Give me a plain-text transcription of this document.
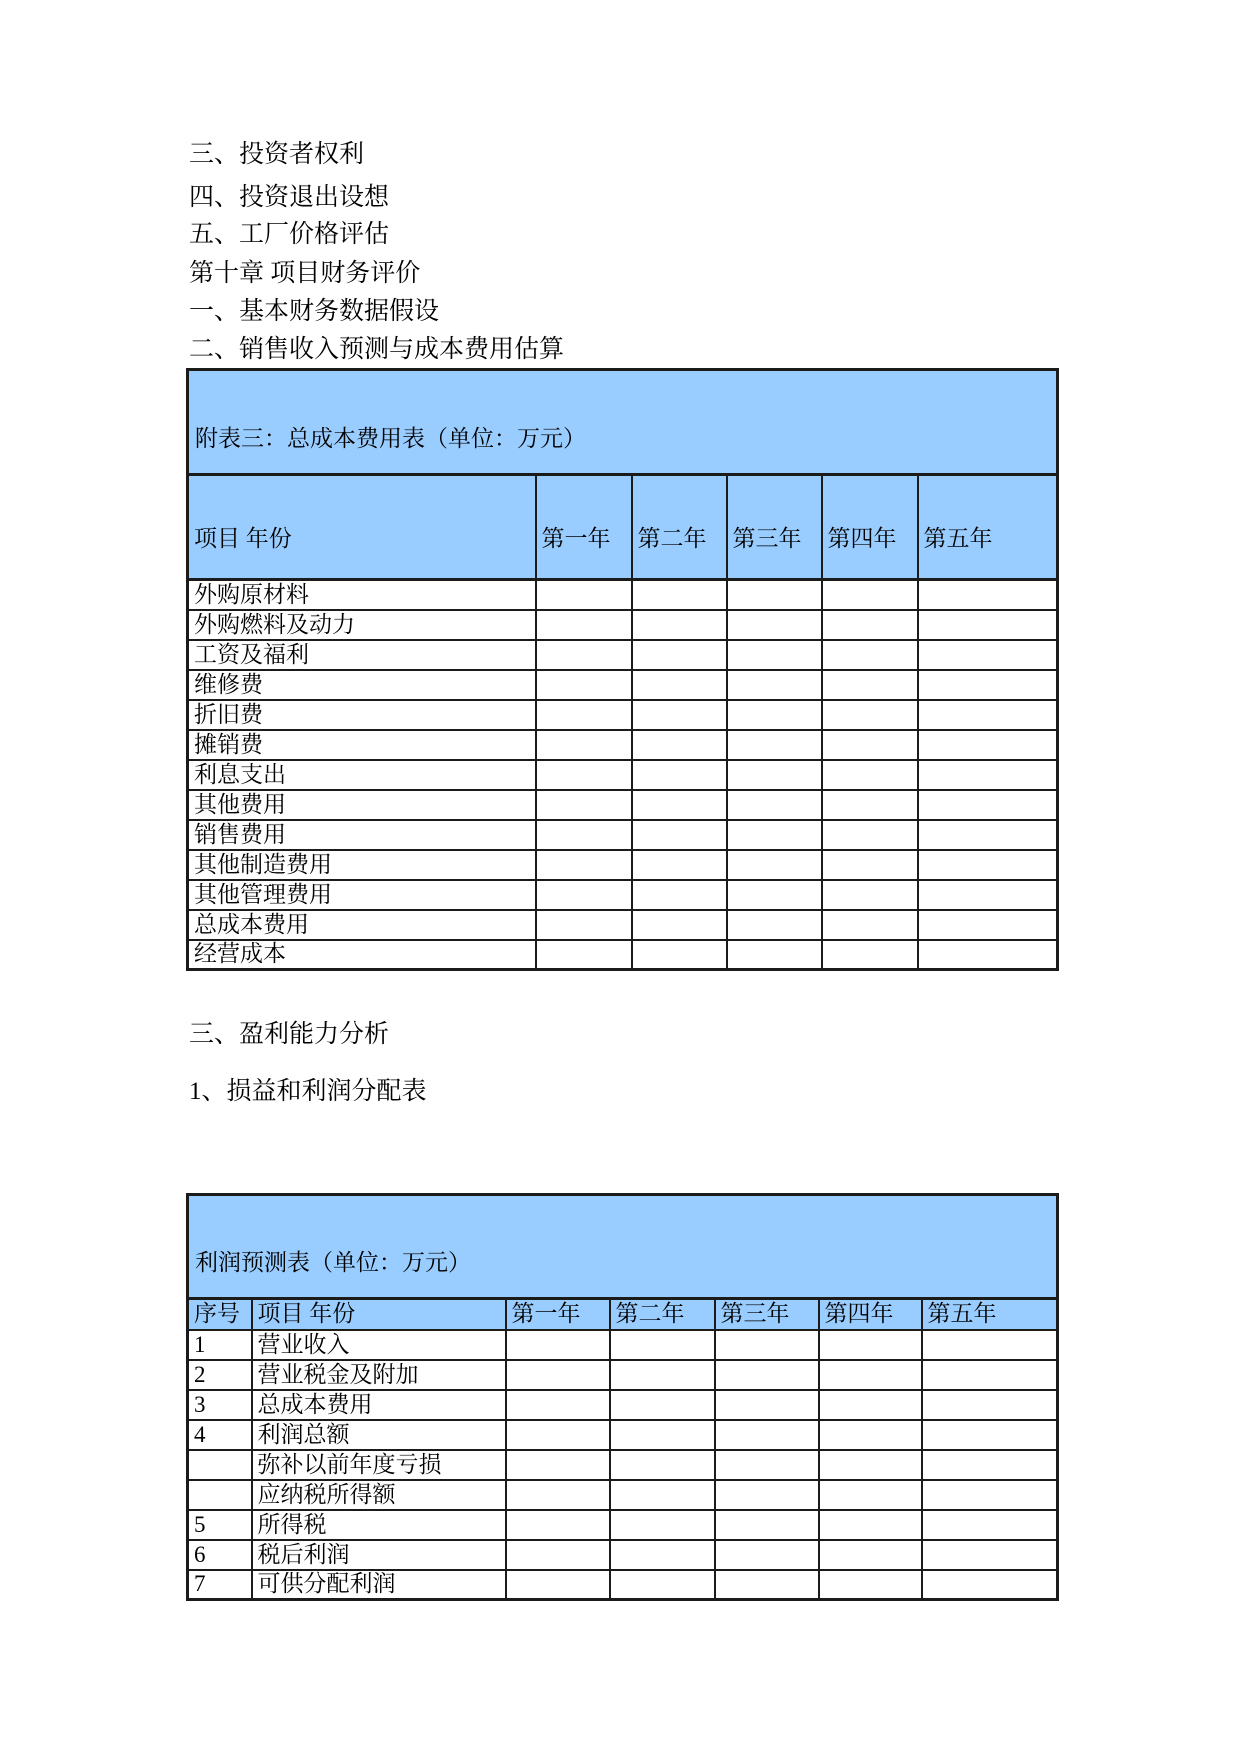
三、投资者权利
四、投资退出设想
五、工厂价格评估
第十章 项目财务评价
一、基本财务数据假设
二、销售收入预测与成本费用估算
附表三：总成本费用表（单位：万元）					
项目 年份	第一年	第二年	第三年	第四年	第五年
外购原材料					
外购燃料及动力					
工资及福利					
维修费					
折旧费					
摊销费					
利息支出					
其他费用					
销售费用					
其他制造费用					
其他管理费用					
总成本费用					
经营成本					
三、盈利能力分析
1、损益和利润分配表
利润预测表（单位：万元）						
序号	项目 年份	第一年	第二年	第三年	第四年	第五年
1	营业收入					
2	营业税金及附加					
3	总成本费用					
4	利润总额					
	弥补以前年度亏损					
	应纳税所得额					
5	所得税					
6	税后利润					
7	可供分配利润					
